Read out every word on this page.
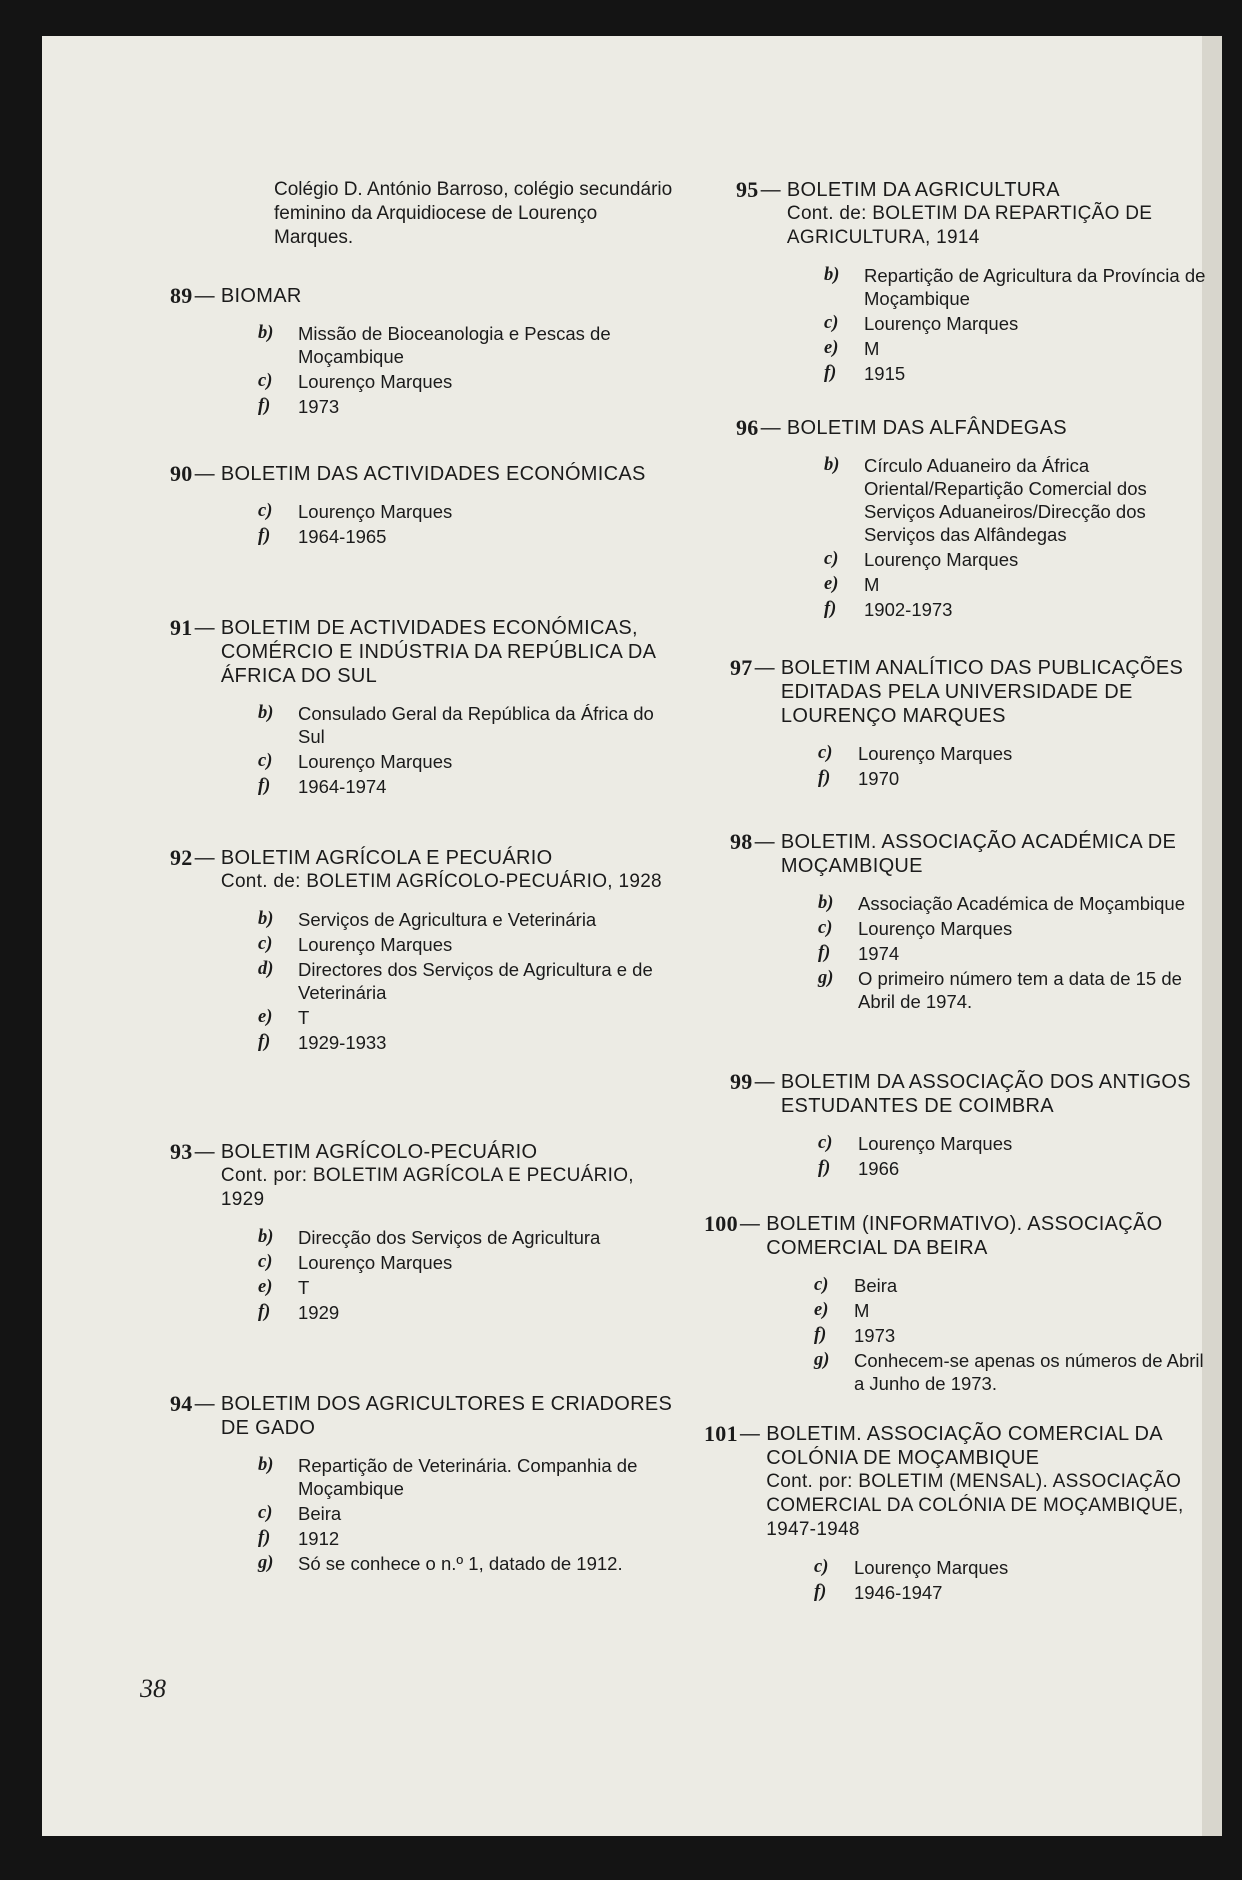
Colégio D. António Barroso, colégio secundário feminino da Arquidiocese de Lourenço Marques.
89 — BIOMAR
b)	Missão de Bioceanologia e Pescas de Moçambique
c)	Lourenço Marques
f)	1973
90 — BOLETIM DAS ACTIVIDADES ECONÓMICAS
c)	Lourenço Marques
f)	1964-1965
91 — BOLETIM DE ACTIVIDADES ECONÓMICAS, COMÉRCIO E INDÚSTRIA DA REPÚBLICA DA ÁFRICA DO SUL
b)	Consulado Geral da República da África do Sul
c)	Lourenço Marques
f)	1964-1974
92 — BOLETIM AGRÍCOLA E PECUÁRIO
Cont. de: BOLETIM AGRÍCOLO-PECUÁRIO, 1928
b)	Serviços de Agricultura e Veterinária
c)	Lourenço Marques
d)	Directores dos Serviços de Agricultura e de Veterinária
e)	T
f)	1929-1933
93 — BOLETIM AGRÍCOLO-PECUÁRIO
Cont. por: BOLETIM AGRÍCOLA E PECUÁRIO, 1929
b)	Direcção dos Serviços de Agricultura
c)	Lourenço Marques
e)	T
f)	1929
94 — BOLETIM DOS AGRICULTORES E CRIADORES DE GADO
b)	Repartição de Veterinária. Companhia de Moçambique
c)	Beira
f)	1912
g)	Só se conhece o n.º 1, datado de 1912.
95 — BOLETIM DA AGRICULTURA
Cont. de: BOLETIM DA REPARTIÇÃO DE AGRICULTURA, 1914
b)	Repartição de Agricultura da Província de Moçambique
c)	Lourenço Marques
e)	M
f)	1915
96 — BOLETIM DAS ALFÂNDEGAS
b)	Círculo Aduaneiro da África Oriental/Repartição Comercial dos Serviços Aduaneiros/Direcção dos Serviços das Alfândegas
c)	Lourenço Marques
e)	M
f)	1902-1973
97 — BOLETIM ANALÍTICO DAS PUBLICAÇÕES EDITADAS PELA UNIVERSIDADE DE LOURENÇO MARQUES
c)	Lourenço Marques
f)	1970
98 — BOLETIM. ASSOCIAÇÃO ACADÉMICA DE MOÇAMBIQUE
b)	Associação Académica de Moçambique
c)	Lourenço Marques
f)	1974
g)	O primeiro número tem a data de 15 de Abril de 1974.
99 — BOLETIM DA ASSOCIAÇÃO DOS ANTIGOS ESTUDANTES DE COIMBRA
c)	Lourenço Marques
f)	1966
100 — BOLETIM (INFORMATIVO). ASSOCIAÇÃO COMERCIAL DA BEIRA
c)	Beira
e)	M
f)	1973
g)	Conhecem-se apenas os números de Abril a Junho de 1973.
101 — BOLETIM. ASSOCIAÇÃO COMERCIAL DA COLÓNIA DE MOÇAMBIQUE
Cont. por: BOLETIM (MENSAL). ASSOCIAÇÃO COMERCIAL DA COLÓNIA DE MOÇAMBIQUE, 1947-1948
c)	Lourenço Marques
f)	1946-1947
38
